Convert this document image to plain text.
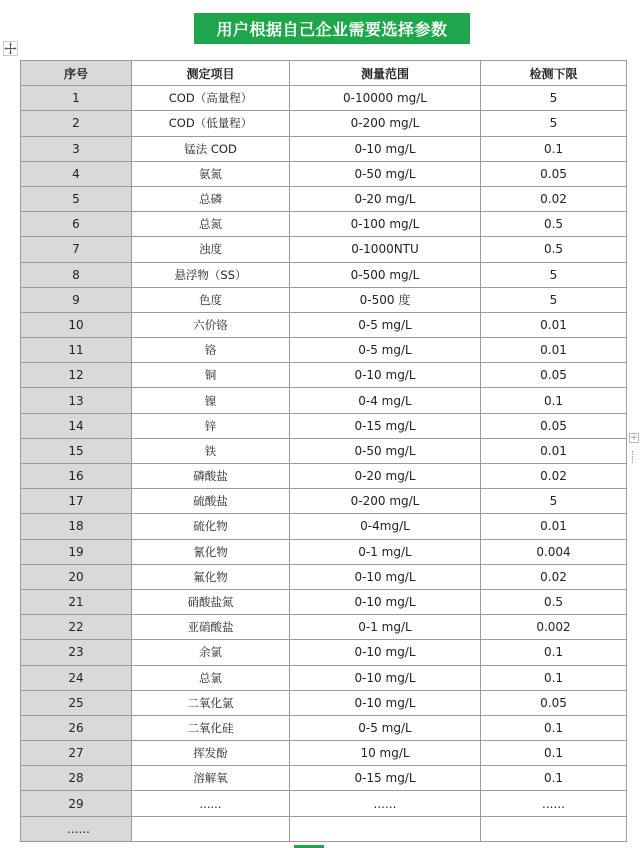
用户根据自己企业需要选择参数
+
序号	测定项目	测量范围	检测下限
1	COD（高量程）	0-10000 mg/L	5
2	COD（低量程）	0-200 mg/L	5
3	锰法 COD	0-10 mg/L	0.1
4	氨氮	0-50 mg/L	0.05
5	总磷	0-20 mg/L	0.02
6	总氮	0-100 mg/L	0.5
7	浊度	0-1000NTU	0.5
8	悬浮物（SS）	0-500 mg/L	5
9	色度	0-500 度	5
10	六价铬	0-5 mg/L	0.01
11	铬	0-5 mg/L	0.01
12	铜	0-10 mg/L	0.05
13	镍	0-4 mg/L	0.1
14	锌	0-15 mg/L	0.05
15	铁	0-50 mg/L	0.01
16	磷酸盐	0-20 mg/L	0.02
17	硫酸盐	0-200 mg/L	5
18	硫化物	0-4mg/L	0.01
19	氰化物	0-1 mg/L	0.004
20	氟化物	0-10 mg/L	0.02
21	硝酸盐氮	0-10 mg/L	0.5
22	亚硝酸盐	0-1 mg/L	0.002
23	余氯	0-10 mg/L	0.1
24	总氯	0-10 mg/L	0.1
25	二氧化氯	0-10 mg/L	0.05
26	二氧化硅	0-5 mg/L	0.1
27	挥发酚	10 mg/L	0.1
28	溶解氧	0-15 mg/L	0.1
29	......	......	......
......			
